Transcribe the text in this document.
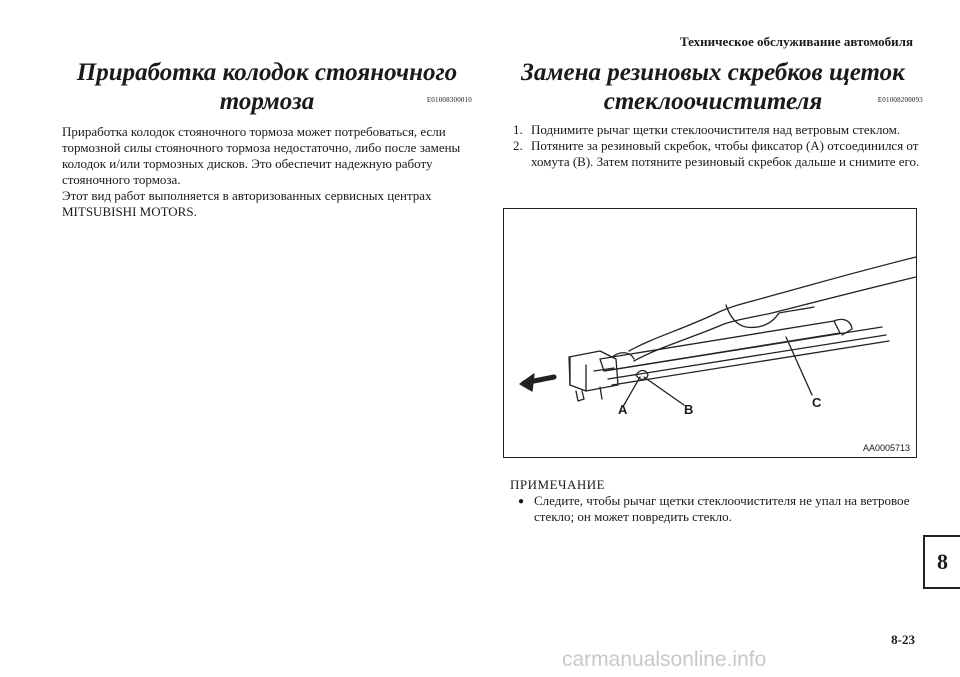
Техническое обслуживание автомобиля
Приработка колодок стояночного
тормоза	E01008300010

Приработка колодок стояночного тормоза может потребоваться, если тормозной силы стояночного тормоза недостаточно, либо после замены колодок и/или тормозных дисков. Это обеспечит надежную работу стояночного тормоза.

Этот вид работ выполняется в авторизованных сервисных центрах MITSUBISHI MOTORS.

Замена резиновых скребков щеток
стеклоочистителя	E01008200093
1. Поднимите рычаг щетки стеклоочистителя над ветровым стеклом.
2. Потяните за резиновый скребок, чтобы фиксатор (A) отсоединился от хомута (B). Затем потяните резиновый скребок дальше и снимите его.
A	B	C
AA0005713
ПРИМЕЧАНИЕ
● Следите, чтобы рычаг щетки стеклоочистителя не упал на ветровое стекло; он может повредить стекло.
8
8-23
carmanualsonline.info
